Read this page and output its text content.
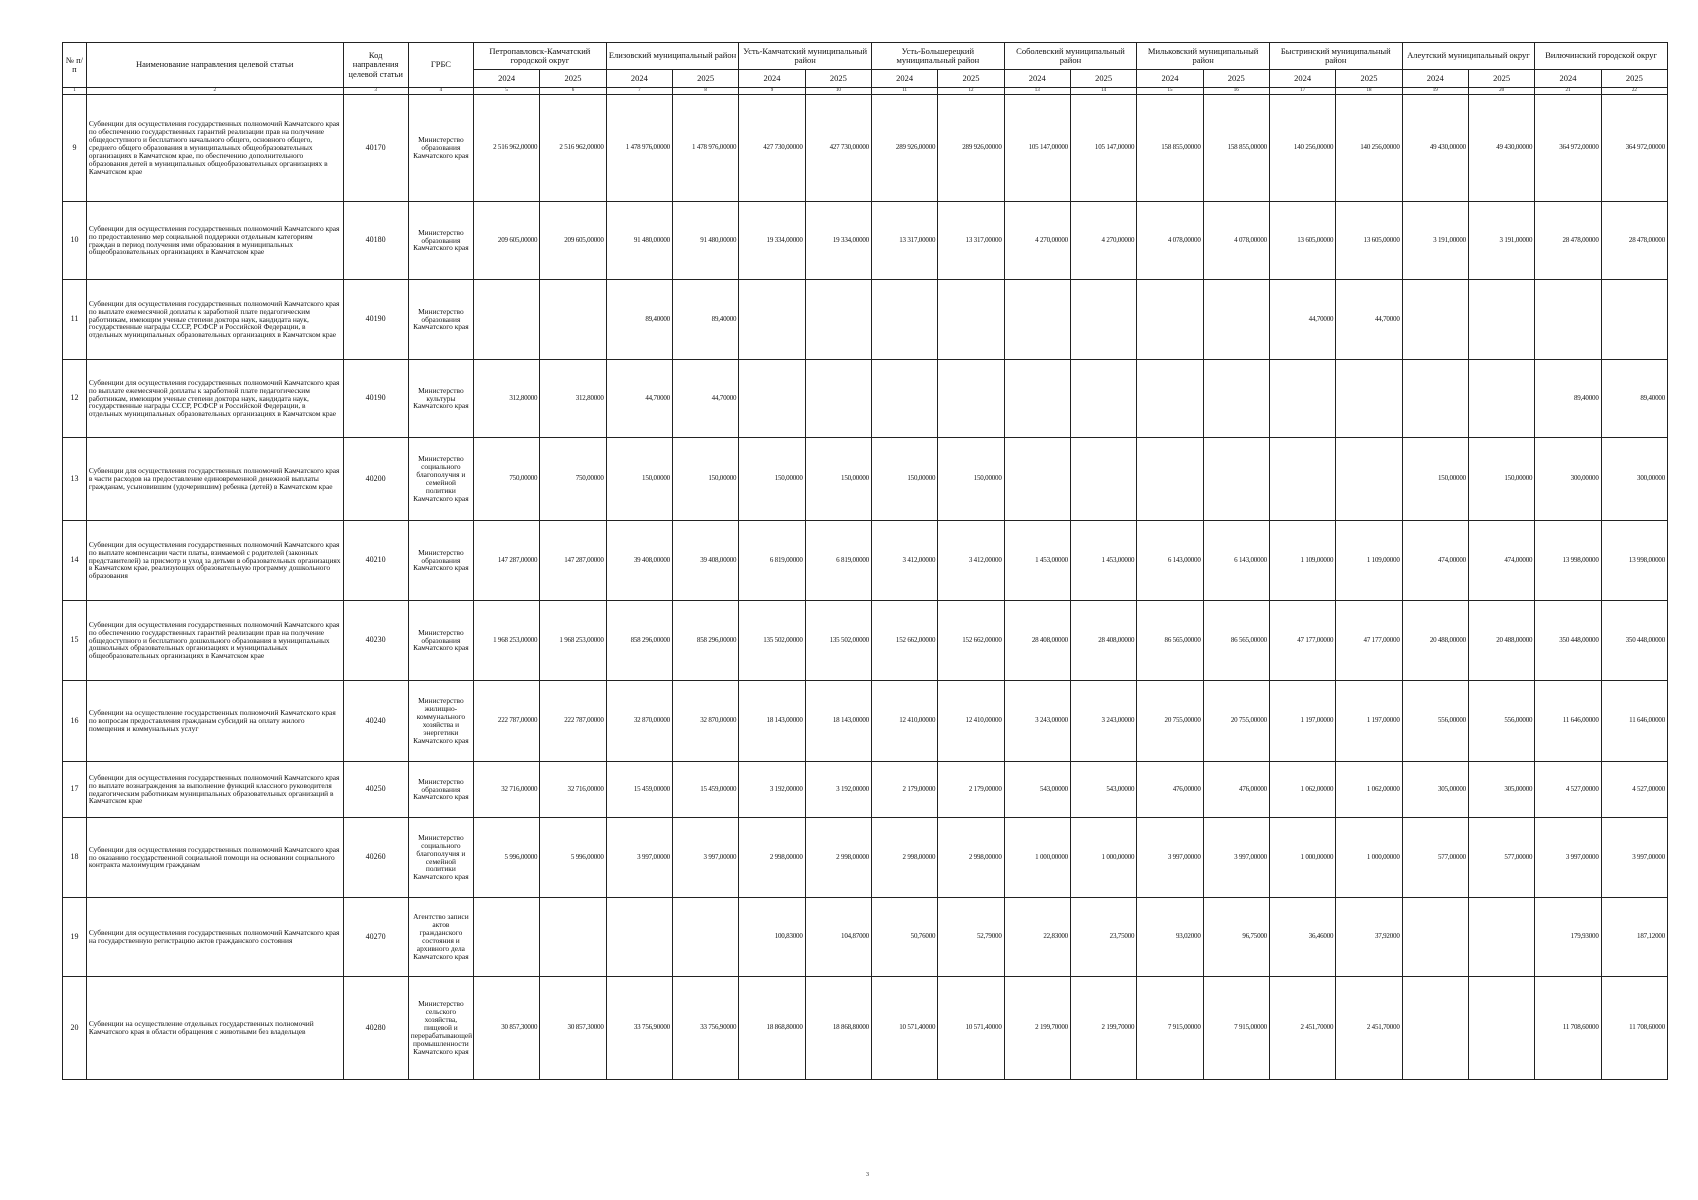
№ п/п	Наименование направления целевой статьи	Код направления целевой статьи	ГРБС	Петропавловск-Камчатский городской округ		Елизовский муниципальный район		Усть-Камчатский муниципальный район		Усть-Большерецкий муниципальный район		Соболевский муниципальный район		Мильковский муниципальный район		Быстринский муниципальный район		Алеутский муниципальный округ		Вилючинский городской округ	
				2024	2025	2024	2025	2024	2025	2024	2025	2024	2025	2024	2025	2024	2025	2024	2025	2024	2025
1	2	3	4	5	6	7	8	9	10	11	12	13	14	15	16	17	18	19	20	21	22
9	Субвенции для осуществления государственных полномочий Камчатского края по обеспечению государственных гарантий реализации прав на получение общедоступного и бесплатного начального общего, основного общего, среднего общего образования в муниципальных общеобразовательных организациях в Камчатском крае, по обеспечению дополнительного образования детей в муниципальных общеобразовательных организациях в Камчатском крае	40170	Министерство образования Камчатского края	2 516 962,00000	2 516 962,00000	1 478 976,00000	1 478 976,00000	427 730,00000	427 730,00000	289 926,00000	289 926,00000	105 147,00000	105 147,00000	158 855,00000	158 855,00000	140 256,00000	140 256,00000	49 430,00000	49 430,00000	364 972,00000	364 972,00000
10	Субвенции для осуществления государственных полномочий Камчатского края по предоставлению мер социальной поддержки отдельным категориям граждан в период получения ими образования в муниципальных общеобразовательных организациях в Камчатском крае	40180	Министерство образования Камчатского края	209 605,00000	209 605,00000	91 480,00000	91 480,00000	19 334,00000	19 334,00000	13 317,00000	13 317,00000	4 270,00000	4 270,00000	4 078,00000	4 078,00000	13 605,00000	13 605,00000	3 191,00000	3 191,00000	28 478,00000	28 478,00000
11	Субвенции для осуществления государственных полномочий Камчатского края по выплате ежемесячной доплаты к заработной плате педагогическим работникам, имеющим ученые степени доктора наук, кандидата наук, государственные награды СССР, РСФСР и Российской Федерации, в отдельных муниципальных образовательных организациях в Камчатском крае	40190	Министерство образования Камчатского края			89,40000	89,40000									44,70000	44,70000				
12	Субвенции для осуществления государственных полномочий Камчатского края по выплате ежемесячной доплаты к заработной плате педагогическим работникам, имеющим ученые степени доктора наук, кандидата наук, государственные награды СССР, РСФСР и Российской Федерации, в отдельных муниципальных образовательных организациях в Камчатском крае	40190	Министерство культуры Камчатского края	312,80000	312,80000	44,70000	44,70000													89,40000	89,40000
13	Субвенции для осуществления государственных полномочий Камчатского края в части расходов на предоставление единовременной денежной выплаты гражданам, усыновившим (удочерившим) ребенка (детей) в Камчатском крае	40200	Министерство социального благополучия и семейной политики Камчатского края	750,00000	750,00000	150,00000	150,00000	150,00000	150,00000	150,00000	150,00000							150,00000	150,00000	300,00000	300,00000
14	Субвенции для осуществления государственных полномочий Камчатского края по выплате компенсации части платы, взимаемой с родителей (законных представителей) за присмотр и уход за детьми в образовательных организациях в Камчатском крае, реализующих образовательную программу дошкольного образования	40210	Министерство образования Камчатского края	147 287,00000	147 287,00000	39 408,00000	39 408,00000	6 819,00000	6 819,00000	3 412,00000	3 412,00000	1 453,00000	1 453,00000	6 143,00000	6 143,00000	1 109,00000	1 109,00000	474,00000	474,00000	13 998,00000	13 998,00000
15	Субвенции для осуществления государственных полномочий Камчатского края по обеспечению государственных гарантий реализации прав на получение общедоступного и бесплатного дошкольного образования в муниципальных дошкольных образовательных организациях и муниципальных общеобразовательных организациях в Камчатском крае	40230	Министерство образования Камчатского края	1 968 253,00000	1 968 253,00000	858 296,00000	858 296,00000	135 502,00000	135 502,00000	152 662,00000	152 662,00000	28 408,00000	28 408,00000	86 565,00000	86 565,00000	47 177,00000	47 177,00000	20 488,00000	20 488,00000	350 448,00000	350 448,00000
16	Субвенции на осуществление государственных полномочий Камчатского края по вопросам предоставления гражданам субсидий на оплату жилого помещения и коммунальных услуг	40240	Министерство жилищно-коммунального хозяйства и энергетики Камчатского края	222 787,00000	222 787,00000	32 870,00000	32 870,00000	18 143,00000	18 143,00000	12 410,00000	12 410,00000	3 243,00000	3 243,00000	20 755,00000	20 755,00000	1 197,00000	1 197,00000	556,00000	556,00000	11 646,00000	11 646,00000
17	Субвенции для осуществления государственных полномочий Камчатского края по выплате вознаграждения за выполнение функций классного руководителя педагогическим работникам муниципальных образовательных организаций в Камчатском крае	40250	Министерство образования Камчатского края	32 716,00000	32 716,00000	15 459,00000	15 459,00000	3 192,00000	3 192,00000	2 179,00000	2 179,00000	543,00000	543,00000	476,00000	476,00000	1 062,00000	1 062,00000	305,00000	305,00000	4 527,00000	4 527,00000
18	Субвенции для осуществления государственных полномочий Камчатского края по оказанию государственной социальной помощи на основании социального контракта малоимущим гражданам	40260	Министерство социального благополучия и семейной политики Камчатского края	5 996,00000	5 996,00000	3 997,00000	3 997,00000	2 998,00000	2 998,00000	2 998,00000	2 998,00000	1 000,00000	1 000,00000	3 997,00000	3 997,00000	1 000,00000	1 000,00000	577,00000	577,00000	3 997,00000	3 997,00000
19	Субвенции для осуществления государственных полномочий Камчатского края на государственную регистрацию актов гражданского состояния	40270	Агентство записи актов гражданского состояния и архивного дела Камчатского края					100,83000	104,87000	50,76000	52,79000	22,83000	23,75000	93,02000	96,75000	36,46000	37,92000			179,93000	187,12000
20	Субвенции на осуществление отдельных государственных полномочий Камчатского края в области обращения с животными без владельцев	40280	Министерство сельского хозяйства, пищевой и перерабатывающей промышленности Камчатского края	30 857,30000	30 857,30000	33 756,90000	33 756,90000	18 868,80000	18 868,80000	10 571,40000	10 571,40000	2 199,70000	2 199,70000	7 915,00000	7 915,00000	2 451,70000	2 451,70000			11 708,60000	11 708,60000
3
